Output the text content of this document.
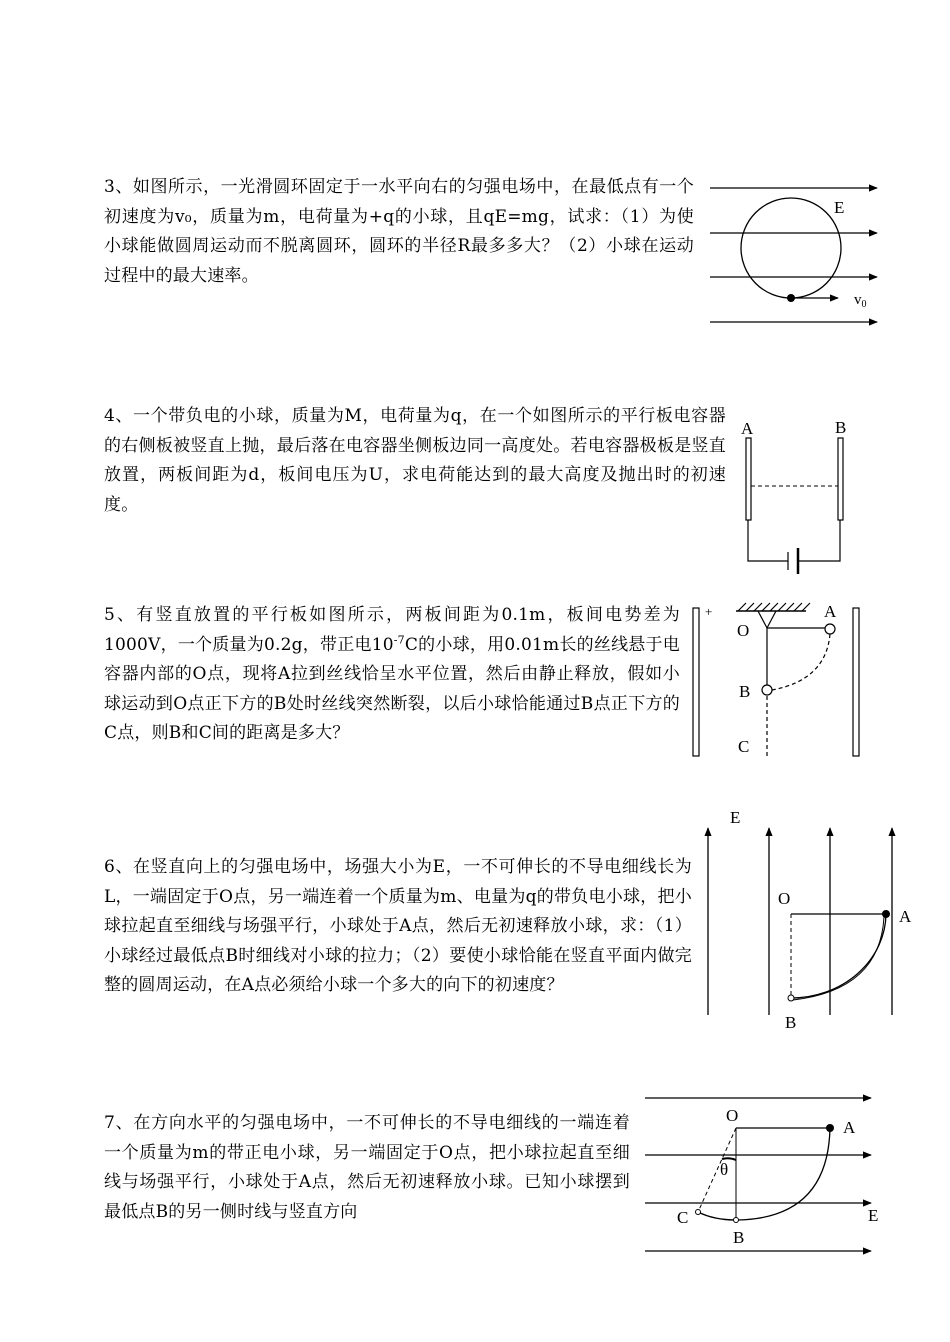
3、如图所示，一光滑圆环固定于一水平向右的匀强电场中，在最低点有一个初速度为v₀，质量为m，电荷量为+q的小球，且qE=mg，试求：（1）为使小球能做圆周运动而不脱离圆环，圆环的半径R最多多大？（2）小球在运动过程中的最大速率。
4、一个带负电的小球，质量为M，电荷量为q，在一个如图所示的平行板电容器的右侧板被竖直上抛，最后落在电容器坐侧板边同一高度处。若电容器极板是竖直放置，两板间距为d，板间电压为U，求电荷能达到的最大高度及抛出时的初速度。
5、有竖直放置的平行板如图所示，两板间距为0.1m，板间电势差为1000V，一个质量为0.2g，带正电$10^{-7}C$的小球，用0.01m长的丝线悬于电容器内部的O点，现将A拉到丝线恰呈水平位置，然后由静止释放，假如小球运动到O点正下方的B处时丝线突然断裂，以后小球恰能通过B点正下方的C点，则B和C间的距离是多大？
6、在竖直向上的匀强电场中，场强大小为E，一不可伸长的不导电细线长为L，一端固定于O点，另一端连着一个质量为m、电量为q的带负电小球，把小球拉起直至细线与场强平行，小球处于A点，然后无初速释放小球，求：（1）小球经过最低点B时细线对小球的拉力；（2）要使小球恰能在竖直平面内做完整的圆周运动，在A点必须给小球一个多大的向下的初速度？
7、在方向水平的匀强电场中，一不可伸长的不导电细线的一端连着一个质量为m的带正电小球，另一端固定于O点，把小球拉起直至细线与场强平行，小球处于A点，然后无初速释放小球。已知小球摆到最低点B的另一侧时线与竖直方向
E
$v_0$
A	B
+
O
A
B
C
E
O
A
B
O
A
θ
C
B
E
